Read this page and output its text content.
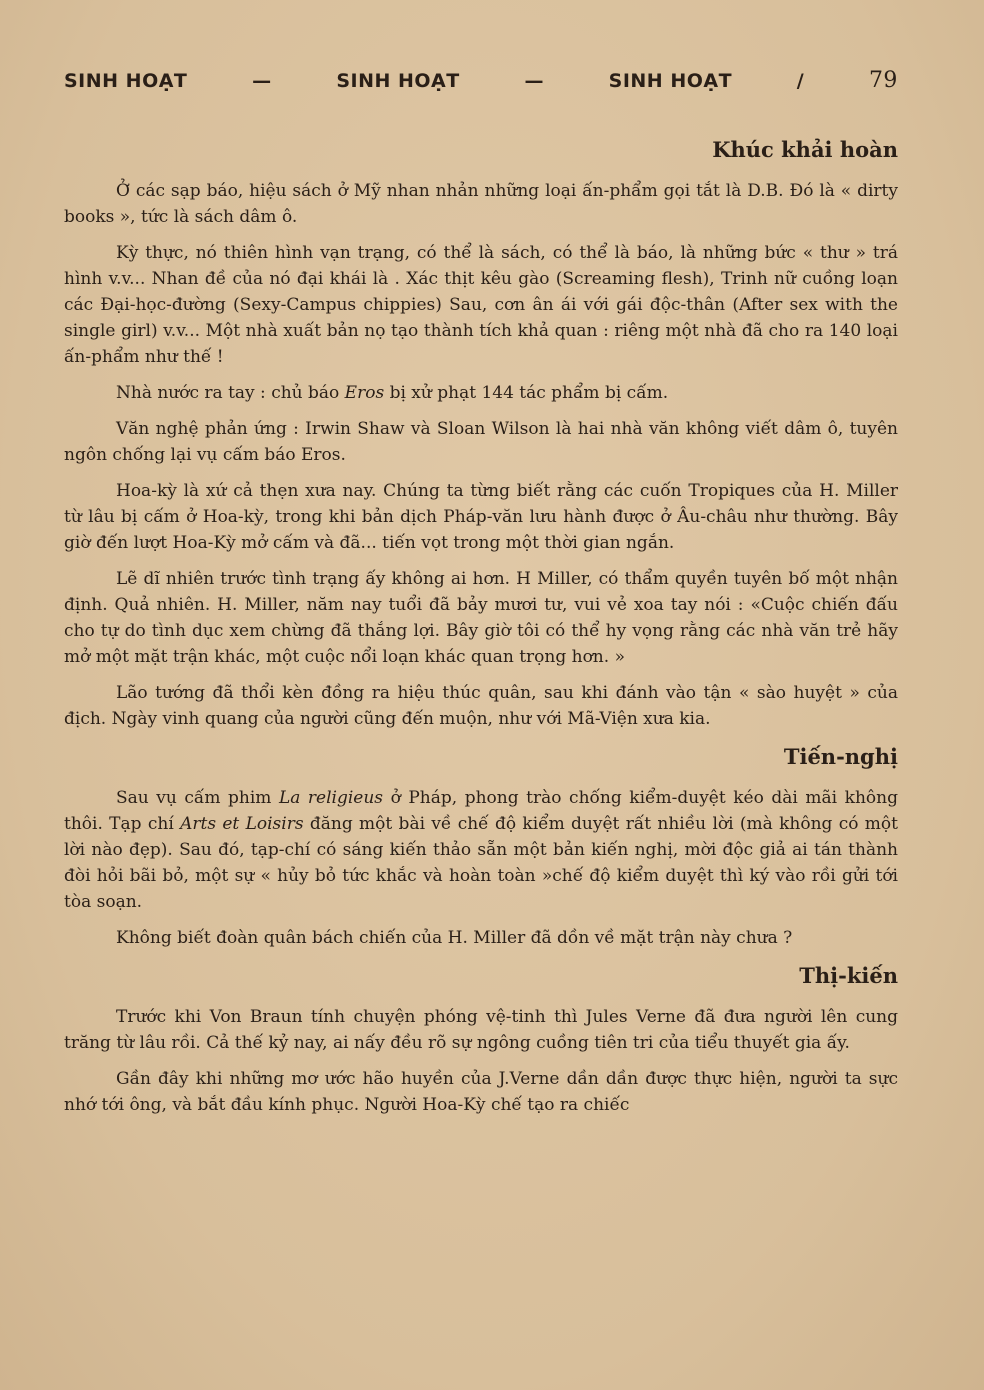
SINH HOẠT	—	SINH HOẠT	—	SINH HOẠT	/	79
Khúc khải hoàn

Ở các sạp báo, hiệu sách ở Mỹ nhan nhản những loại ấn-phẩm gọi tắt là D.B. Đó là « dirty books », tức là sách dâm ô.

Kỳ thực, nó thiên hình vạn trạng, có thể là sách, có thể là báo, là những bức « thư » trá hình v.v... Nhan đề của nó đại khái là . Xác thịt kêu gào (Screaming flesh), Trinh nữ cuồng loạn các Đại-học-đường (Sexy-Campus chippies) Sau, cơn ân ái với gái độc-thân (After sex with the single girl) v.v... Một nhà xuất bản nọ tạo thành tích khả quan : riêng một nhà đã cho ra 140 loại ấn-phẩm như thế !

Nhà nước ra tay : chủ báo Eros bị xử phạt 144 tác phẩm bị cấm.

Văn nghệ phản ứng : Irwin Shaw và Sloan Wilson là hai nhà văn không viết dâm ô, tuyên ngôn chống lại vụ cấm báo Eros.

Hoa-kỳ là xứ cả thẹn xưa nay. Chúng ta từng biết rằng các cuốn Tropiques của H. Miller từ lâu bị cấm ở Hoa-kỳ, trong khi bản dịch Pháp-văn lưu hành được ở Âu-châu như thường. Bây giờ đến lượt Hoa-Kỳ mở cấm và đã... tiến vọt trong một thời gian ngắn.

Lẽ dĩ nhiên trước tình trạng ấy không ai hơn. H Miller, có thẩm quyền tuyên bố một nhận định. Quả nhiên. H. Miller, năm nay tuổi đã bảy mươi tư, vui vẻ xoa tay nói : «Cuộc chiến đấu cho tự do tình dục xem chừng đã thắng lợi. Bây giờ tôi có thể hy vọng rằng các nhà văn trẻ hãy mở một mặt trận khác, một cuộc nổi loạn khác quan trọng hơn. »

Lão tướng đã thổi kèn đồng ra hiệu thúc quân, sau khi đánh vào tận « sào huyệt » của địch. Ngày vinh quang của người cũng đến muộn, như với Mã-Viện xưa kia.

Tiến-nghị

Sau vụ cấm phim La religieus ở Pháp, phong trào chống kiểm-duyệt kéo dài mãi không thôi. Tạp chí Arts et Loisirs đăng một bài về chế độ kiểm duyệt rất nhiều lời (mà không có một lời nào đẹp). Sau đó, tạp-chí có sáng kiến thảo sẵn một bản kiến nghị, mời độc giả ai tán thành đòi hỏi bãi bỏ, một sự « hủy bỏ tức khắc và hoàn toàn »chế độ kiểm duyệt thì ký vào rồi gửi tới tòa soạn.

Không biết đoàn quân bách chiến của H. Miller đã dồn về mặt trận này chưa ?

Thị-kiến

Trước khi Von Braun tính chuyện phóng vệ-tinh thì Jules Verne đã đưa người lên cung trăng từ lâu rồi. Cả thế kỷ nay, ai nấy đều rõ sự ngông cuồng tiên tri của tiểu thuyết gia ấy.

Gần đây khi những mơ ước hão huyền của J.Verne dần dần được thực hiện, người ta sực nhớ tới ông, và bắt đầu kính phục. Người Hoa-Kỳ chế tạo ra chiếc
